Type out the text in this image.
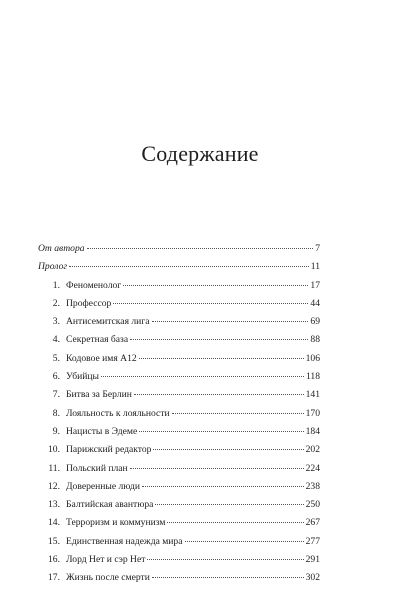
Содержание
От автора	7
Пролог	11
1. Феноменолог	17
2. Профессор	44
3. Антисемитская лига	69
4. Секретная база	88
5. Кодовое имя А12	106
6. Убийцы	118
7. Битва за Берлин	141
8. Лояльность к лояльности	170
9. Нацисты в Эдеме	184
10. Парижский редактор	202
11. Польский план	224
12. Доверенные люди	238
13. Балтийская авантюра	250
14. Терроризм и коммунизм	267
15. Единственная надежда мира	277
16. Лорд Нет и сэр Нет	291
17. Жизнь после смерти	302
